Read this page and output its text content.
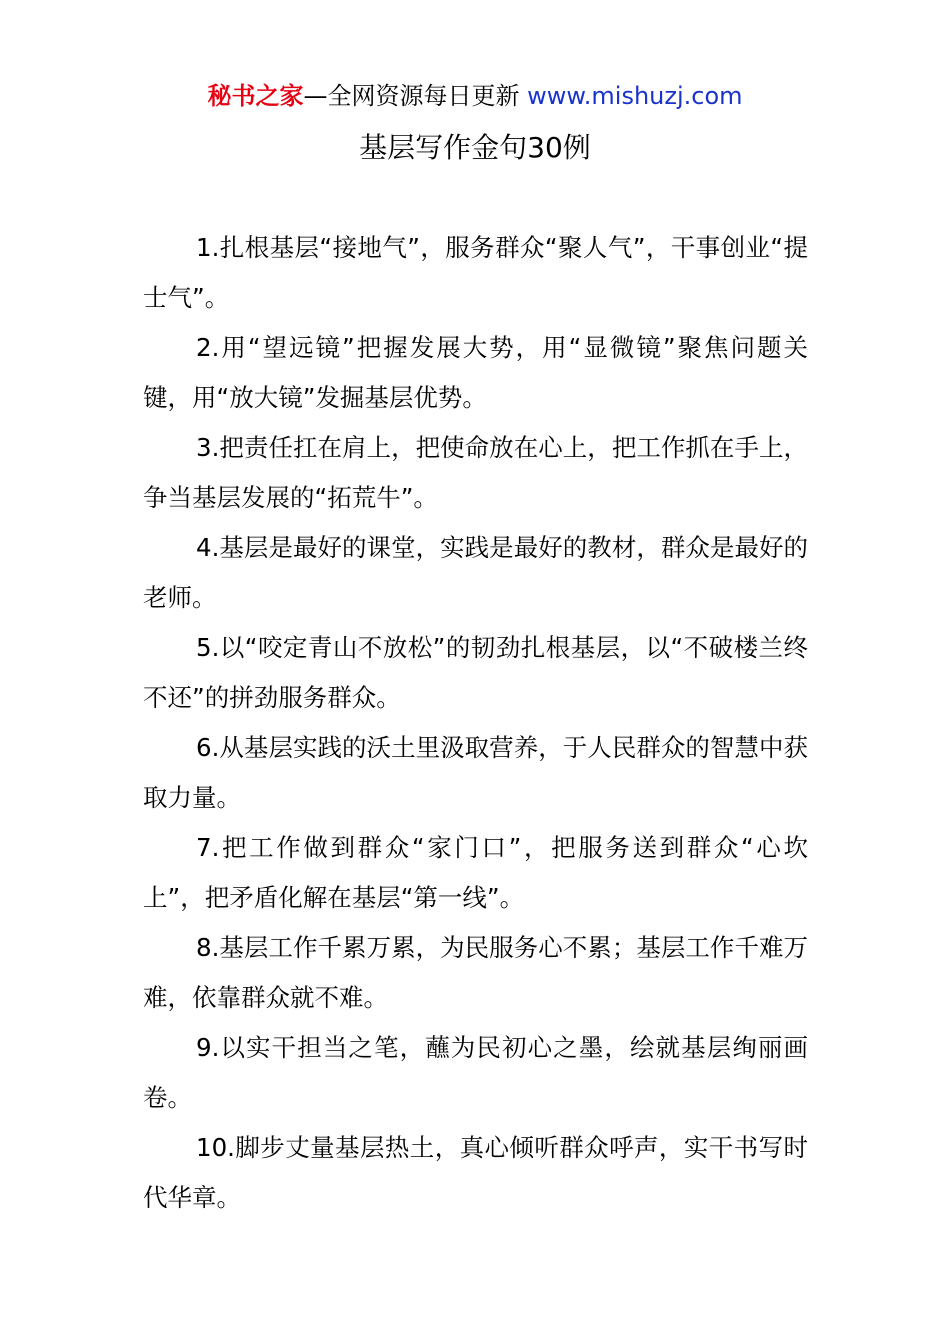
秘书之家—全网资源每日更新 www.mishuzj.com
基层写作金句30例

1.扎根基层“接地气”，服务群众“聚人气”，干事创业“提士气”。

2.用“望远镜”把握发展大势，用“显微镜”聚焦问题关键，用“放大镜”发掘基层优势。

3.把责任扛在肩上，把使命放在心上，把工作抓在手上，争当基层发展的“拓荒牛”。

4.基层是最好的课堂，实践是最好的教材，群众是最好的老师。

5.以“咬定青山不放松”的韧劲扎根基层，以“不破楼兰终不还”的拼劲服务群众。

6.从基层实践的沃土里汲取营养，于人民群众的智慧中获取力量。

7.把工作做到群众“家门口”，把服务送到群众“心坎上”，把矛盾化解在基层“第一线”。

8.基层工作千累万累，为民服务心不累；基层工作千难万难，依靠群众就不难。

9.以实干担当之笔，蘸为民初心之墨，绘就基层绚丽画卷。

10.脚步丈量基层热土，真心倾听群众呼声，实干书写时代华章。
